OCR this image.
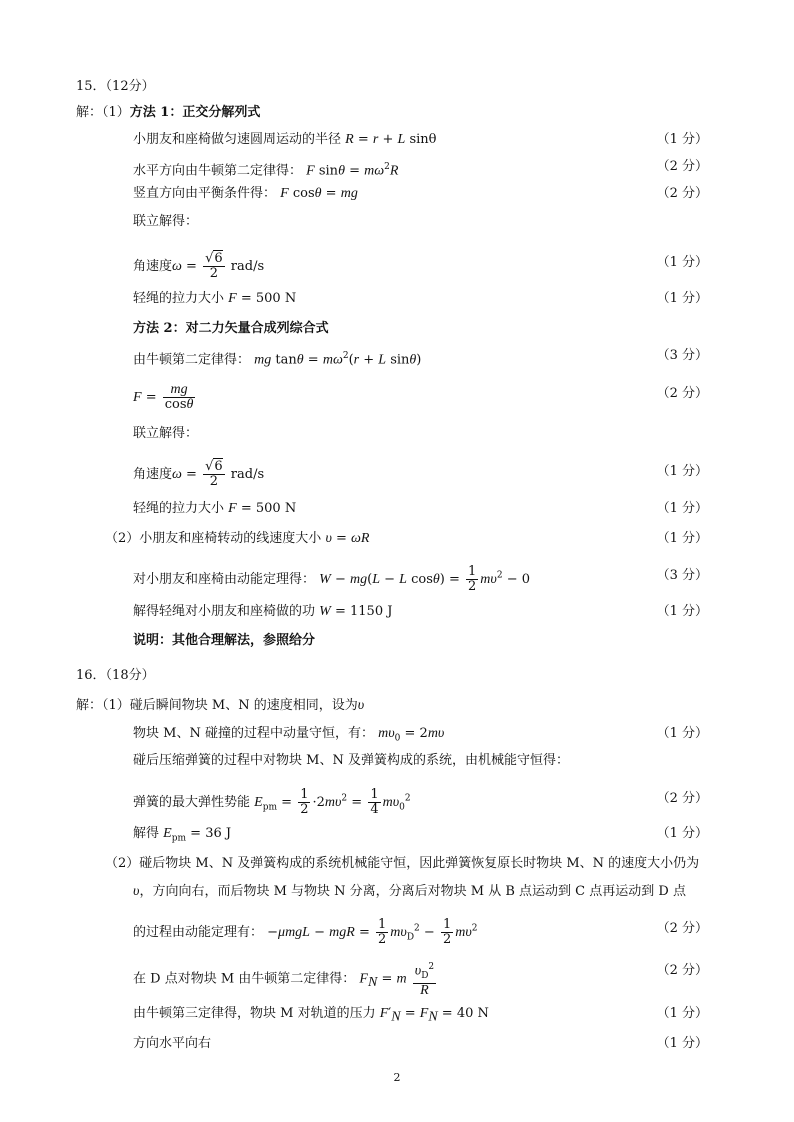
15．（12分）
解：（1）方法 1：正交分解列式
小朋友和座椅做匀速圆周运动的半径 R = r + L sinθ	（1 分）
水平方向由牛顿第二定律得： F $\sin\theta = m\omega^2R$	（2 分）
竖直方向由平衡条件得： F cosθ = mg	（2 分）
联立解得：
角速度$\omega = \frac{√6}{2} rad/s$	（1 分）
轻绳的拉力大小 F = 500 N	（1 分）
方法 2：对二力矢量合成列综合式
由牛顿第二定律得： mg $\tan\theta = m\omega^2(r + L$ sinθ)	（3 分）
$F = \frac{mg}{\cos\theta}$	（2 分）
联立解得：
角速度$\omega = \frac{√6}{2} rad/s$	（1 分）
轻绳的拉力大小 F = 500 N	（1 分）
（2）小朋友和座椅转动的线速度大小 υ = ωR	（1 分）
对小朋友和座椅由动能定理得： W − mg(L − L $\cos\theta) = \frac{1}{2} m\upsilon^2 - 0$	（3 分）
解得轻绳对小朋友和座椅做的功 W = 1150 J	（1 分）
说明：其他合理解法，参照给分
16．（18分）
解：（1）碰后瞬间物块 M、N 的速度相同，设为υ
物块 M、N 碰撞的过程中动量守恒，有： $m\upsilon_0 = 2m\upsilon$	（1 分）
碰后压缩弹簧的过程中对物块 M、N 及弹簧构成的系统，由机械能守恒得：
弹簧的最大弹性势能 $E_{pm} = \frac{1}{2} \cdot 2m\upsilon^2 = \frac{1}{4} m\upsilon_0^2$	（2 分）
解得 $E_{pm} = 36$ J	（1 分）
（2）碰后物块 M、N 及弹簧构成的系统机械能守恒，因此弹簧恢复原长时物块 M、N 的速度大小仍为
υ，方向向右，而后物块 M 与物块 N 分离，分离后对物块 M 从 B 点运动到 C 点再运动到 D 点
的过程由动能定理有： −μmgL − mgR = $\frac{1}{2} m\upsilon_D^2 - \frac{1}{2} m\upsilon^2$	（2 分）
在 D 点对物块 M 由牛顿第二定律得： $F_N = m \frac{\upsilon_D^2}{R}$	（2 分）
由牛顿第三定律得，物块 M 对轨道的压力 $F'_N = F_N = 40$ N	（1 分）
方向水平向右	（1 分）
2
